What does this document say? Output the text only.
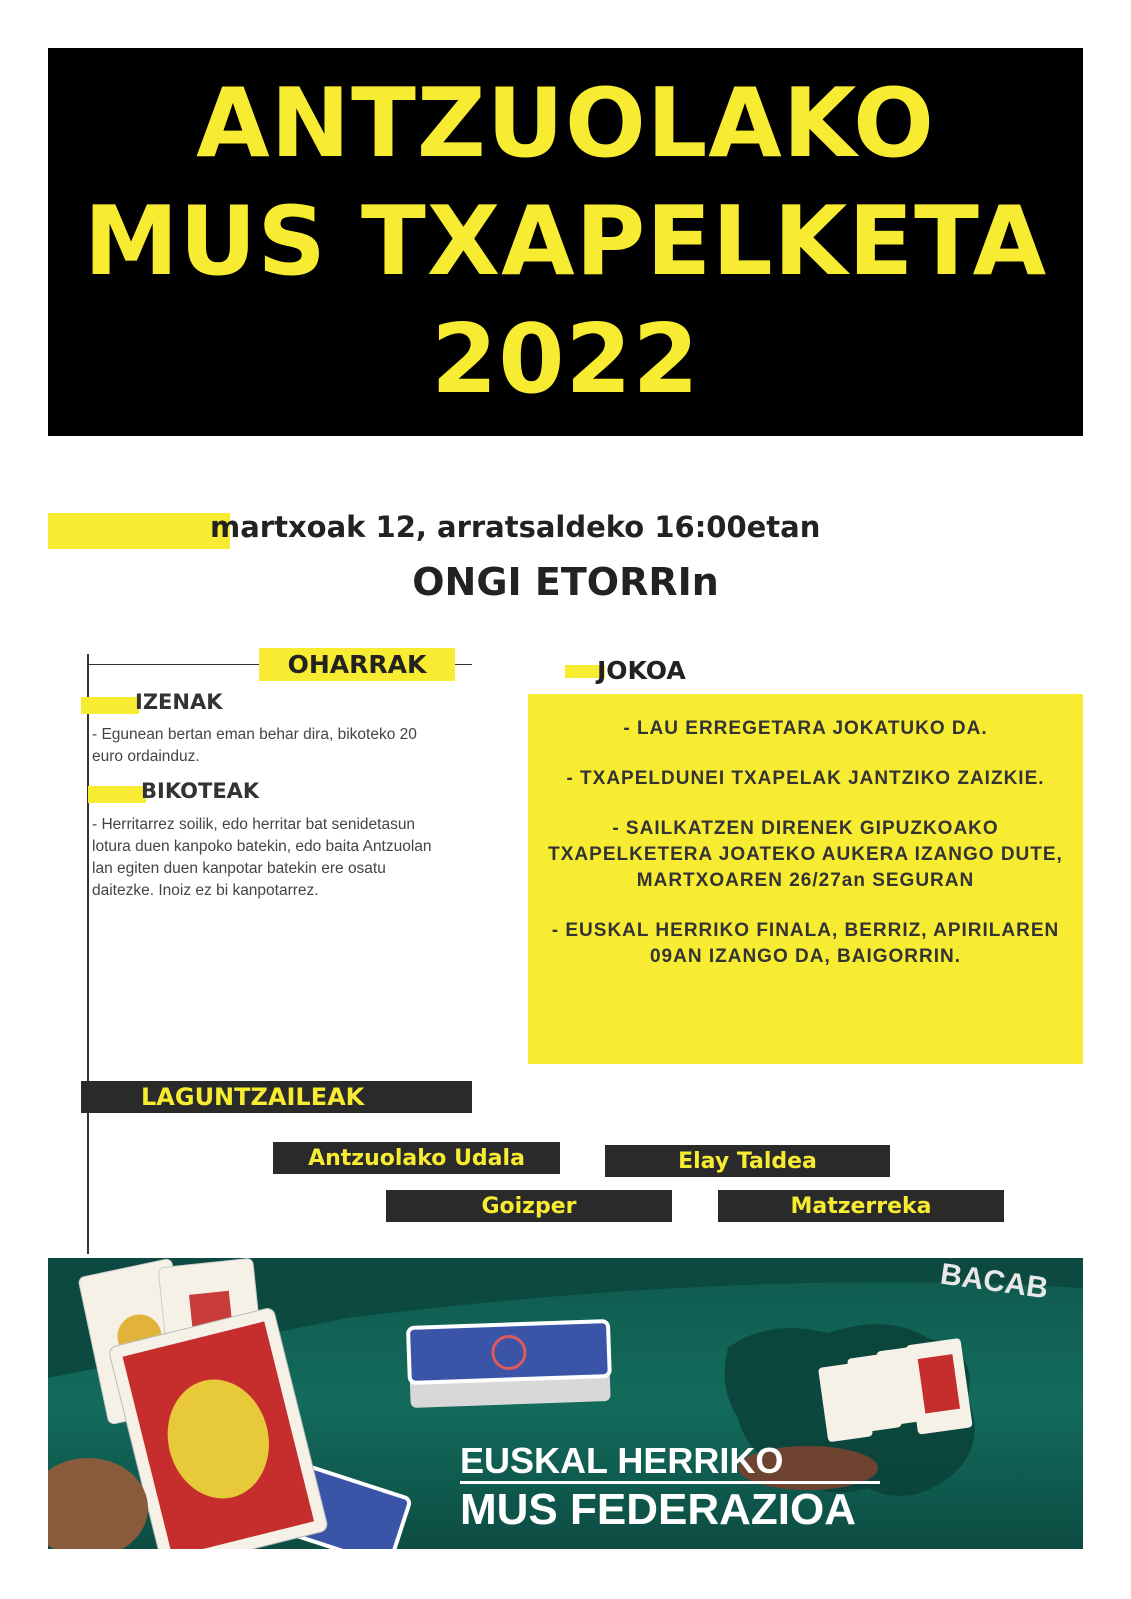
ANTZUOLAKO
MUS TXAPELKETA
2022
martxoak 12, arratsaldeko 16:00etan
ONGI ETORRIn
OHARRAK
IZENAK
- Egunean bertan eman behar dira, bikoteko 20 euro ordainduz.
BIKOTEAK
- Herritarrez soilik, edo herritar bat senidetasun lotura duen kanpoko batekin, edo baita Antzuolan lan egiten duen kanpotar batekin ere osatu daitezke. Inoiz ez bi kanpotarrez.
JOKOA

- LAU ERREGETARA JOKATUKO DA.

- TXAPELDUNEI TXAPELAK JANTZIKO ZAIZKIE.

- SAILKATZEN DIRENEK GIPUZKOAKO TXAPELKETERA JOATEKO AUKERA IZANGO DUTE, MARTXOAREN 26/27an SEGURAN

- EUSKAL HERRIKO FINALA, BERRIZ, APIRILAREN 09AN IZANGO DA, BAIGORRIN.

LAGUNTZAILEAK
Antzuolako Udala	Elay Taldea
Goizper	Matzerreka
BACAB
EUSKAL HERRIKO
MUS FEDERAZIOA
